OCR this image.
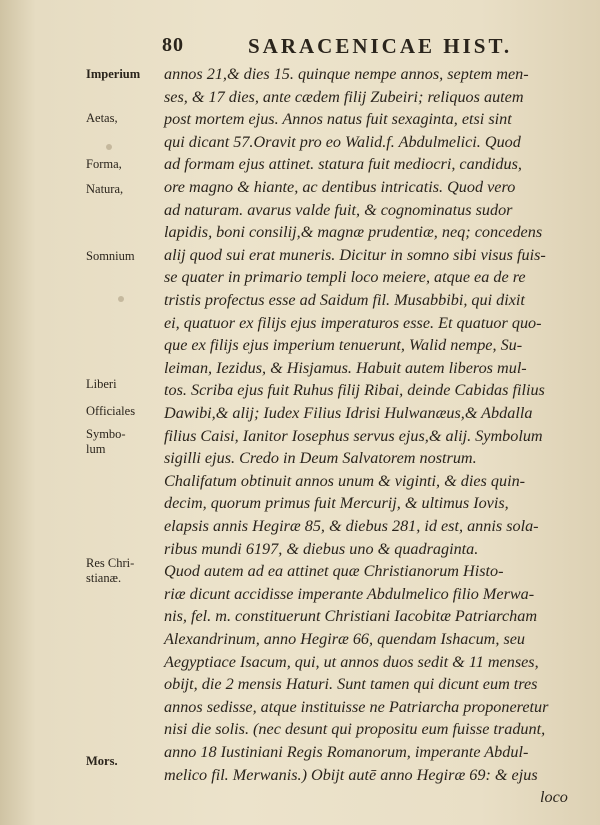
80	SARACENICAE HIST.
Imperium
Aetas,
Forma,
Natura,
Somnium
Liberi
Officiales
Symbo-
lum
Res Chri-
stianæ.
Mors.
annos 21,& dies 15. quinque nempe annos, septem men-
ses, & 17 dies, ante cædem filij Zubeiri; reliquos autem
post mortem ejus. Annos natus fuit sexaginta, etsi sint
qui dicant 57.Oravit pro eo Walid.f. Abdulmelici. Quod
ad formam ejus attinet. statura fuit mediocri, candidus,
ore magno & hiante, ac dentibus intricatis. Quod vero
ad naturam. avarus valde fuit, & cognominatus sudor
lapidis, boni consilij,& magnæ prudentiæ, neq; concedens
alij quod sui erat muneris. Dicitur in somno sibi visus fuis-
se quater in primario templi loco meiere, atque ea de re
tristis profectus esse ad Saidum fil. Musabbibi, qui dixit
ei, quatuor ex filijs ejus imperaturos esse. Et quatuor quo-
que ex filijs ejus imperium tenuerunt, Walid nempe, Su-
leiman, Iezidus, & Hisjamus. Habuit autem liberos mul-
tos. Scriba ejus fuit Ruhus filij Ribai, deinde Cabidas filius
Dawibi,& alij; Iudex Filius Idrisi Hulwanæus,& Abdalla
filius Caisi, Ianitor Iosephus servus ejus,& alij. Symbolum
sigilli ejus. Credo in Deum Salvatorem nostrum.
Chalifatum obtinuit annos unum & viginti, & dies quin-
decim, quorum primus fuit Mercurij, & ultimus Iovis,
elapsis annis Hegiræ 85, & diebus 281, id est, annis sola-
ribus mundi 6197, & diebus uno & quadraginta.
Quod autem ad ea attinet quæ Christianorum Histo-
riæ dicunt accidisse imperante Abdulmelico filio Merwa-
nis, fel. m. constituerunt Christiani Iacobitæ Patriarcham
Alexandrinum, anno Hegiræ 66, quendam Ishacum, seu
Aegyptiace Isacum, qui, ut annos duos sedit & 11 menses,
obijt, die 2 mensis Haturi. Sunt tamen qui dicunt eum tres
annos sedisse, atque instituisse ne Patriarcha proponeretur
nisi die solis. (nec desunt qui propositu eum fuisse tradunt,
anno 18 Iustiniani Regis Romanorum, imperante Abdul-
melico fil. Merwanis.) Obijt autē anno Hegiræ 69: & ejus
loco
